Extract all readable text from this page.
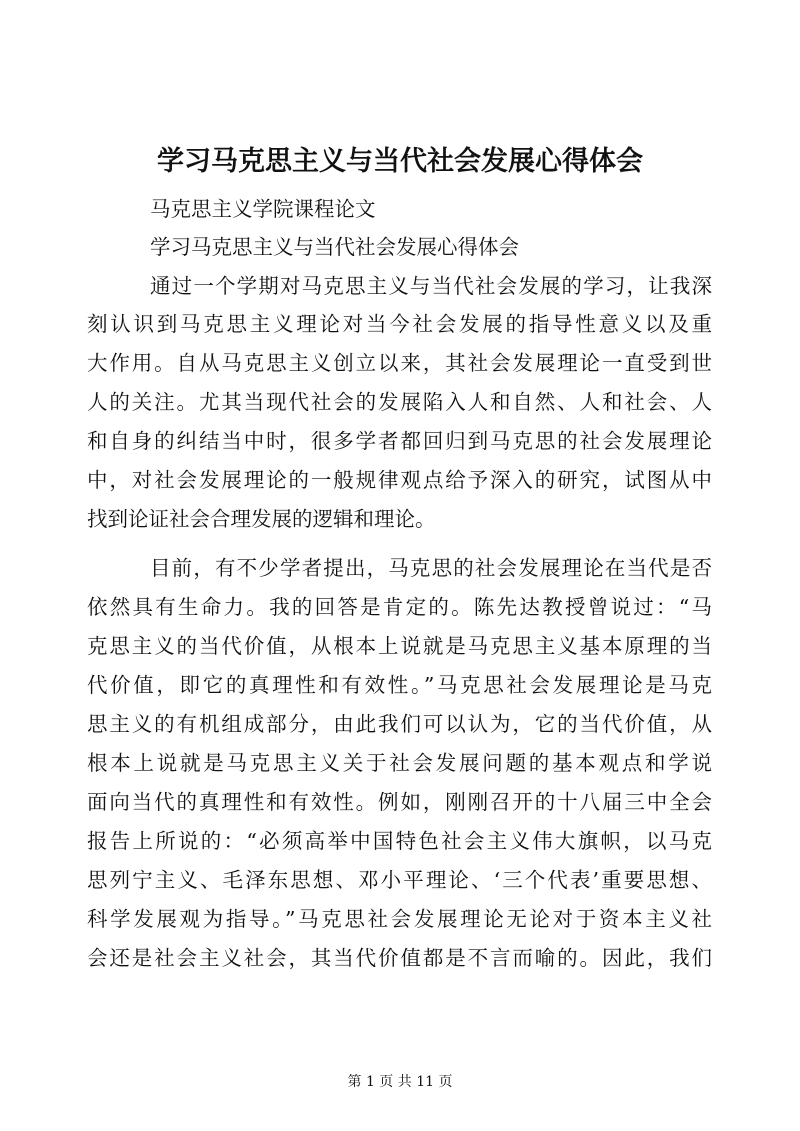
学习马克思主义与当代社会发展心得体会

马克思主义学院课程论文

学习马克思主义与当代社会发展心得体会

通过一个学期对马克思主义与当代社会发展的学习，让我深

刻认识到马克思主义理论对当今社会发展的指导性意义以及重

大作用。自从马克思主义创立以来，其社会发展理论一直受到世

人的关注。尤其当现代社会的发展陷入人和自然、人和社会、人

和自身的纠结当中时，很多学者都回归到马克思的社会发展理论

中，对社会发展理论的一般规律观点给予深入的研究，试图从中

找到论证社会合理发展的逻辑和理论。

目前，有不少学者提出，马克思的社会发展理论在当代是否

依然具有生命力。我的回答是肯定的。陈先达教授曾说过：“马

克思主义的当代价值，从根本上说就是马克思主义基本原理的当

代价值，即它的真理性和有效性。”马克思社会发展理论是马克

思主义的有机组成部分，由此我们可以认为，它的当代价值，从

根本上说就是马克思主义关于社会发展问题的基本观点和学说

面向当代的真理性和有效性。例如，刚刚召开的十八届三中全会

报告上所说的：“必须高举中国特色社会主义伟大旗帜，以马克

思列宁主义、毛泽东思想、邓小平理论、‘三个代表’重要思想、

科学发展观为指导。”马克思社会发展理论无论对于资本主义社

会还是社会主义社会，其当代价值都是不言而喻的。因此，我们

第 1 页 共 11 页
